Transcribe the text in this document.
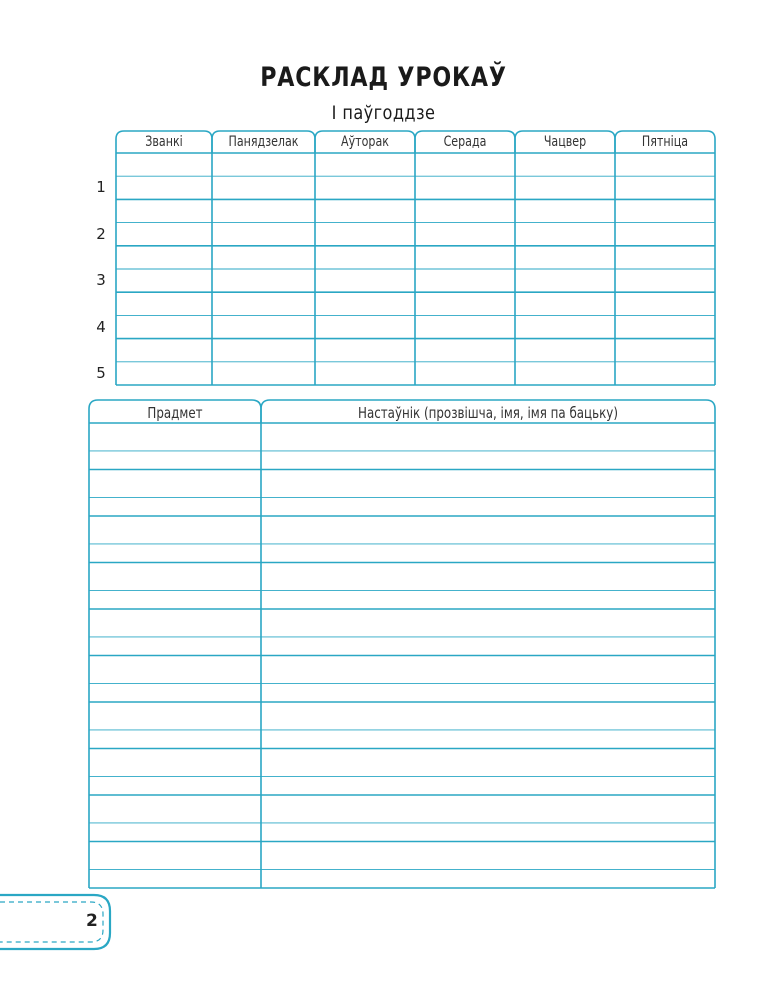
РАСКЛАД УРОКАЎ
І паўгоддзе
Званкі	Панядзелак	Аўторак	Серада	Чацвер	Пятніца
1
2
3
4
5
Прадмет	Настаўнік (прозвішча, імя, імя па бацьку)
2
